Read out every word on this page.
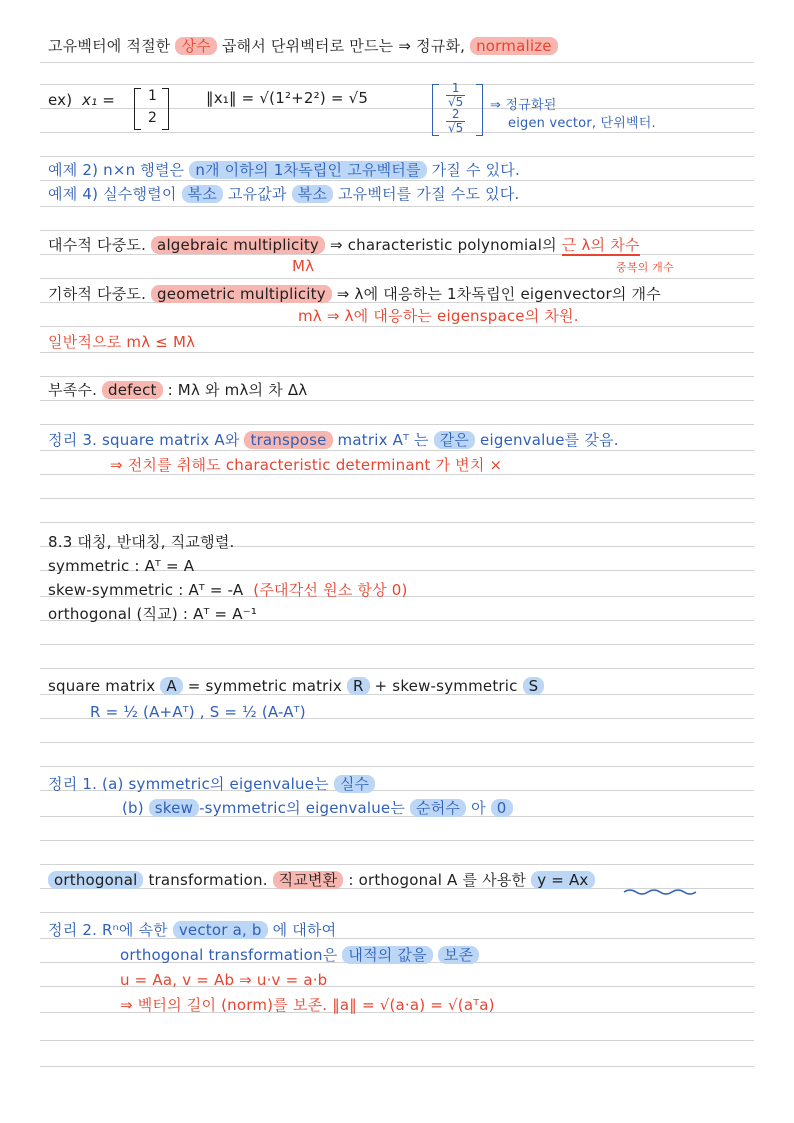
고유벡터에 적절한 상수 곱해서 단위벡터로 만드는 ⇒ 정규화, normalize
ex) x₁ = 1
2
‖x₁‖ = √(1²+2²) = √5	$\frac{1}{√5}$
$\frac{2}{√5}$
⇒ 정규화된
eigen vector, 단위벡터.
예제 2) n×n 행렬은 n개 이하의 1차독립인 고유벡터를 가질 수 있다.
예제 4) 실수행렬이 복소 고유값과 복소 고유벡터를 가질 수도 있다.
대수적 다중도. algebraic multiplicity ⇒ characteristic polynomial의 근 λ의 차수
Mλ	중복의 개수
기하적 다중도. geometric multiplicity ⇒ λ에 대응하는 1차독립인 eigenvector의 개수
mλ ⇒ λ에 대응하는 eigenspace의 차원.
일반적으로 mλ ≤ Mλ
부족수. defect : Mλ 와 mλ의 차 Δλ
정리 3. square matrix A와 transpose matrix Aᵀ 는 같은 eigenvalue를 갖음.
⇒ 전치를 취해도 characteristic determinant 가 변치 ×
8.3 대칭, 반대칭, 직교행렬.
symmetric : Aᵀ = A
skew-symmetric : Aᵀ = -A (주대각선 원소 항상 0)
orthogonal (직교) : Aᵀ = A⁻¹
square matrix A = symmetric matrix R + skew-symmetric S
R = ½ (A+Aᵀ) , S = ½ (A-Aᵀ)
정리 1. (a) symmetric의 eigenvalue는 실수
(b) skew -symmetric의 eigenvalue는 순허수 아 0
orthogonal transformation. 직교변환 : orthogonal A 를 사용한 y = Ax
정리 2. Rⁿ에 속한 vector a, b 에 대하여
orthogonal transformation은 내적의 값을 보존
u = Aa, v = Ab ⇒ u·v = a·b
⇒ 벡터의 길이 (norm)를 보존. ‖a‖ = √(a·a) = √(aᵀa)
